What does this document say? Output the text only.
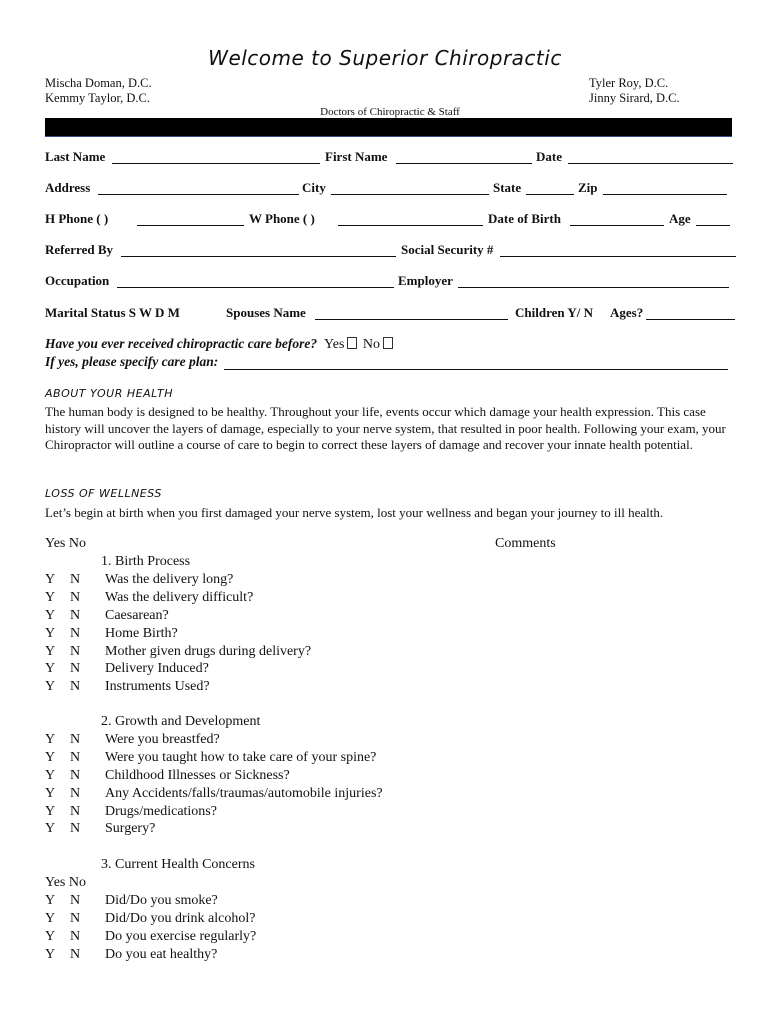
Welcome to Superior Chiropractic
Mischa Doman, D.C.
Kemmy Taylor, D.C.
Tyler Roy, D.C.
Jinny Sirard, D.C.
Doctors of Chiropractic & Staff
Last Name	First Name	Date
Address	City	State	Zip
H Phone ( )	W Phone ( )	Date of Birth	Age
Referred By	Social Security #
Occupation	Employer
Marital Status S W D M	Spouses Name	Children Y/ N Ages?
Have you ever received chiropractic care before? Yes No
If yes, please specify care plan:
ABOUT YOUR HEALTH
The human body is designed to be healthy. Throughout your life, events occur which damage your health expression. This case history will uncover the layers of damage, especially to your nerve system, that resulted in poor health. Following your exam, your Chiropractor will outline a course of care to begin to correct these layers of damage and recover your innate health potential.
LOSS OF WELLNESS
Let’s begin at birth when you first damaged your nerve system, lost your wellness and began your journey to ill health.
Yes No	Comments
1. Birth Process
Y N Was the delivery long?
Y N Was the delivery difficult?
Y N Caesarean?
Y N Home Birth?
Y N Mother given drugs during delivery?
Y N Delivery Induced?
Y N Instruments Used?
2. Growth and Development
Y N Were you breastfed?
Y N Were you taught how to take care of your spine?
Y N Childhood Illnesses or Sickness?
Y N Any Accidents/falls/traumas/automobile injuries?
Y N Drugs/medications?
Y N Surgery?
3. Current Health Concerns
Yes No
Y N Did/Do you smoke?
Y N Did/Do you drink alcohol?
Y N Do you exercise regularly?
Y N Do you eat healthy?
